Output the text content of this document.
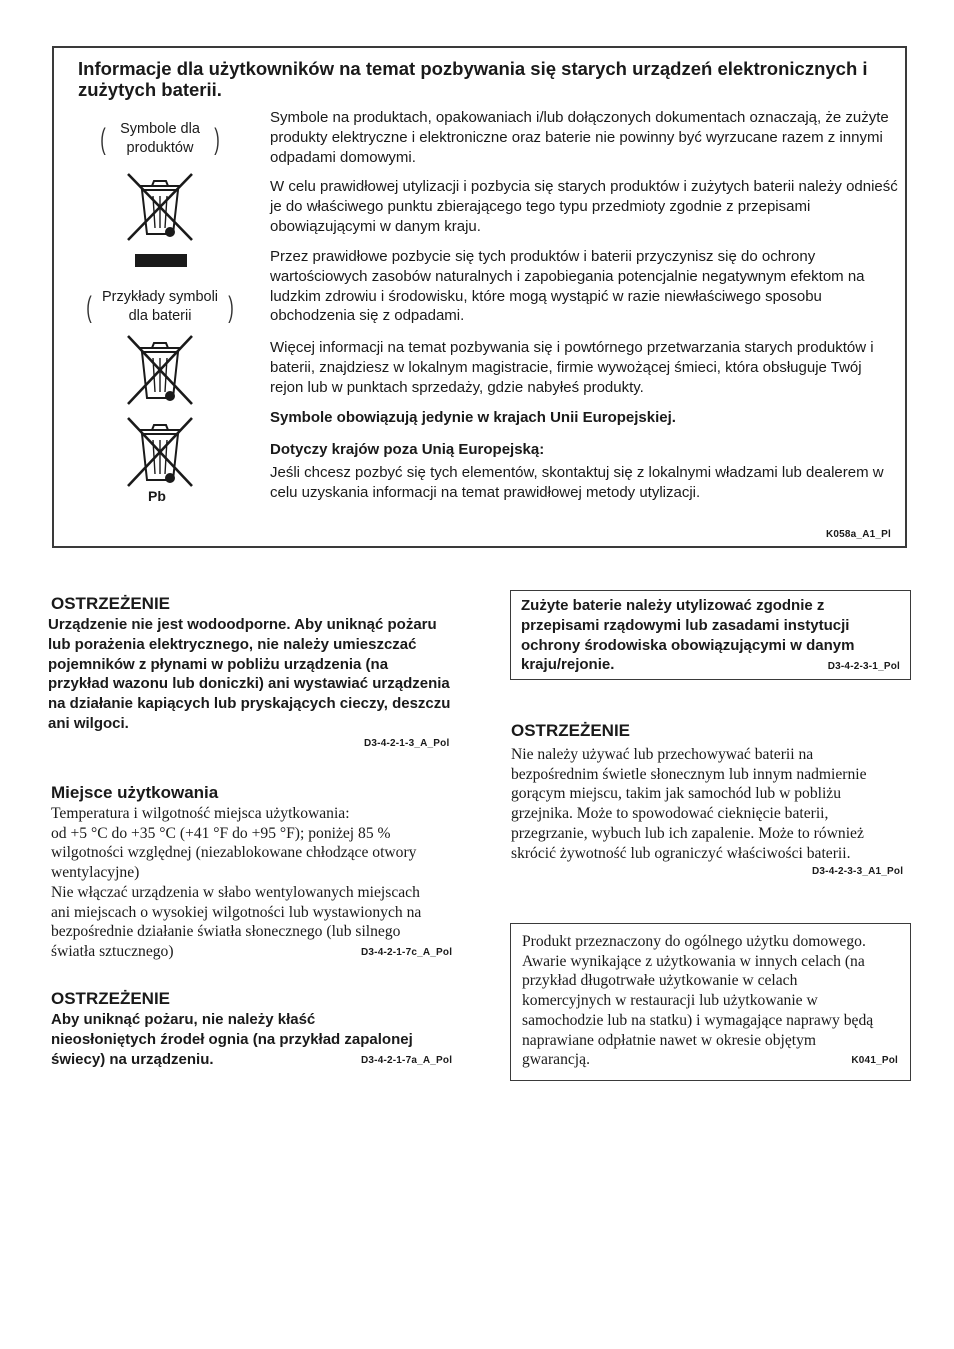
Informacje dla użytkowników na temat pozbywania się starych urządzeń elektronicznych i zużytych baterii.
( Symbole dla
produktów )
( Przykłady symboli
dla baterii	)
Pb

Symbole na produktach, opakowaniach i/lub dołączonych dokumentach oznaczają, że zużyte produkty elektryczne i elektroniczne oraz baterie nie powinny być wyrzucane razem z innymi odpadami domowymi.

W celu prawidłowej utylizacji i pozbycia się starych produktów i zużytych baterii należy odnieść je do właściwego punktu zbierającego tego typu przedmioty zgodnie z przepisami obowiązującymi w danym kraju.

Przez prawidłowe pozbycie się tych produktów i baterii przyczynisz się do ochrony wartościowych zasobów naturalnych i zapobiegania potencjalnie negatywnym efektom na ludzkim zdrowiu i środowisku, które mogą wystąpić w razie niewłaściwego sposobu obchodzenia się z odpadami.

Więcej informacji na temat pozbywania się i powtórnego przetwarzania starych produktów i baterii, znajdziesz w lokalnym magistracie, firmie wywożącej śmieci, która obsługuje Twój rejon lub w punktach sprzedaży, gdzie nabyłeś produkty.

Symbole obowiązują jedynie w krajach Unii Europejskiej.

Dotyczy krajów poza Unią Europejską:

Jeśli chcesz pozbyć się tych elementów, skontaktuj się z lokalnymi władzami lub dealerem w celu uzyskania informacji na temat prawidłowej metody utylizacji.

K058a_A1_Pl
OSTRZEŻENIE

Urządzenie nie jest wodoodporne. Aby uniknąć pożaru lub porażenia elektrycznego, nie należy umieszczać pojemników z płynami w pobliżu urządzenia (na przykład wazonu lub doniczki) ani wystawiać urządzenia na działanie kapiących lub pryskających cieczy, deszczu ani wilgoci.

D3-4-2-1-3_A_Pol
Miejsce użytkowania
Temperatura i wilgotność miejsca użytkowania:
od +5 °C do +35 °C (+41 °F do +95 °F); poniżej 85 %
wilgotności względnej (niezablokowane chłodzące otwory
wentylacyjne)
Nie włączać urządzenia w słabo wentylowanych miejscach
ani miejscach o wysokiej wilgotności lub wystawionych na
bezpośrednie działanie światła słonecznego (lub silnego
światła sztucznego)	D3-4-2-1-7c_A_Pol
OSTRZEŻENIE
Aby uniknąć pożaru, nie należy kłaść
nieosłoniętych źrodeł ognia (na przykład zapalonej
świecy) na urządzeniu.	D3-4-2-1-7a_A_Pol
Zużyte baterie należy utylizować zgodnie z
przepisami rządowymi lub zasadami instytucji
ochrony środowiska obowiązującymi w danym
kraju/rejonie.	D3-4-2-3-1_Pol
OSTRZEŻENIE
Nie należy używać lub przechowywać baterii na
bezpośrednim świetle słonecznym lub innym nadmiernie
gorącym miejscu, takim jak samochód lub w pobliżu
grzejnika. Może to spowodować cieknięcie baterii,
przegrzanie, wybuch lub ich zapalenie. Może to również
skrócić żywotność lub ograniczyć właściwości baterii.
D3-4-2-3-3_A1_Pol
Produkt przeznaczony do ogólnego użytku domowego.
Awarie wynikające z użytkowania w innych celach (na
przykład długotrwałe użytkowanie w celach
komercyjnych w restauracji lub użytkowanie w
samochodzie lub na statku) i wymagające naprawy będą
naprawiane odpłatnie nawet w okresie objętym
gwarancją.	K041_Pol
